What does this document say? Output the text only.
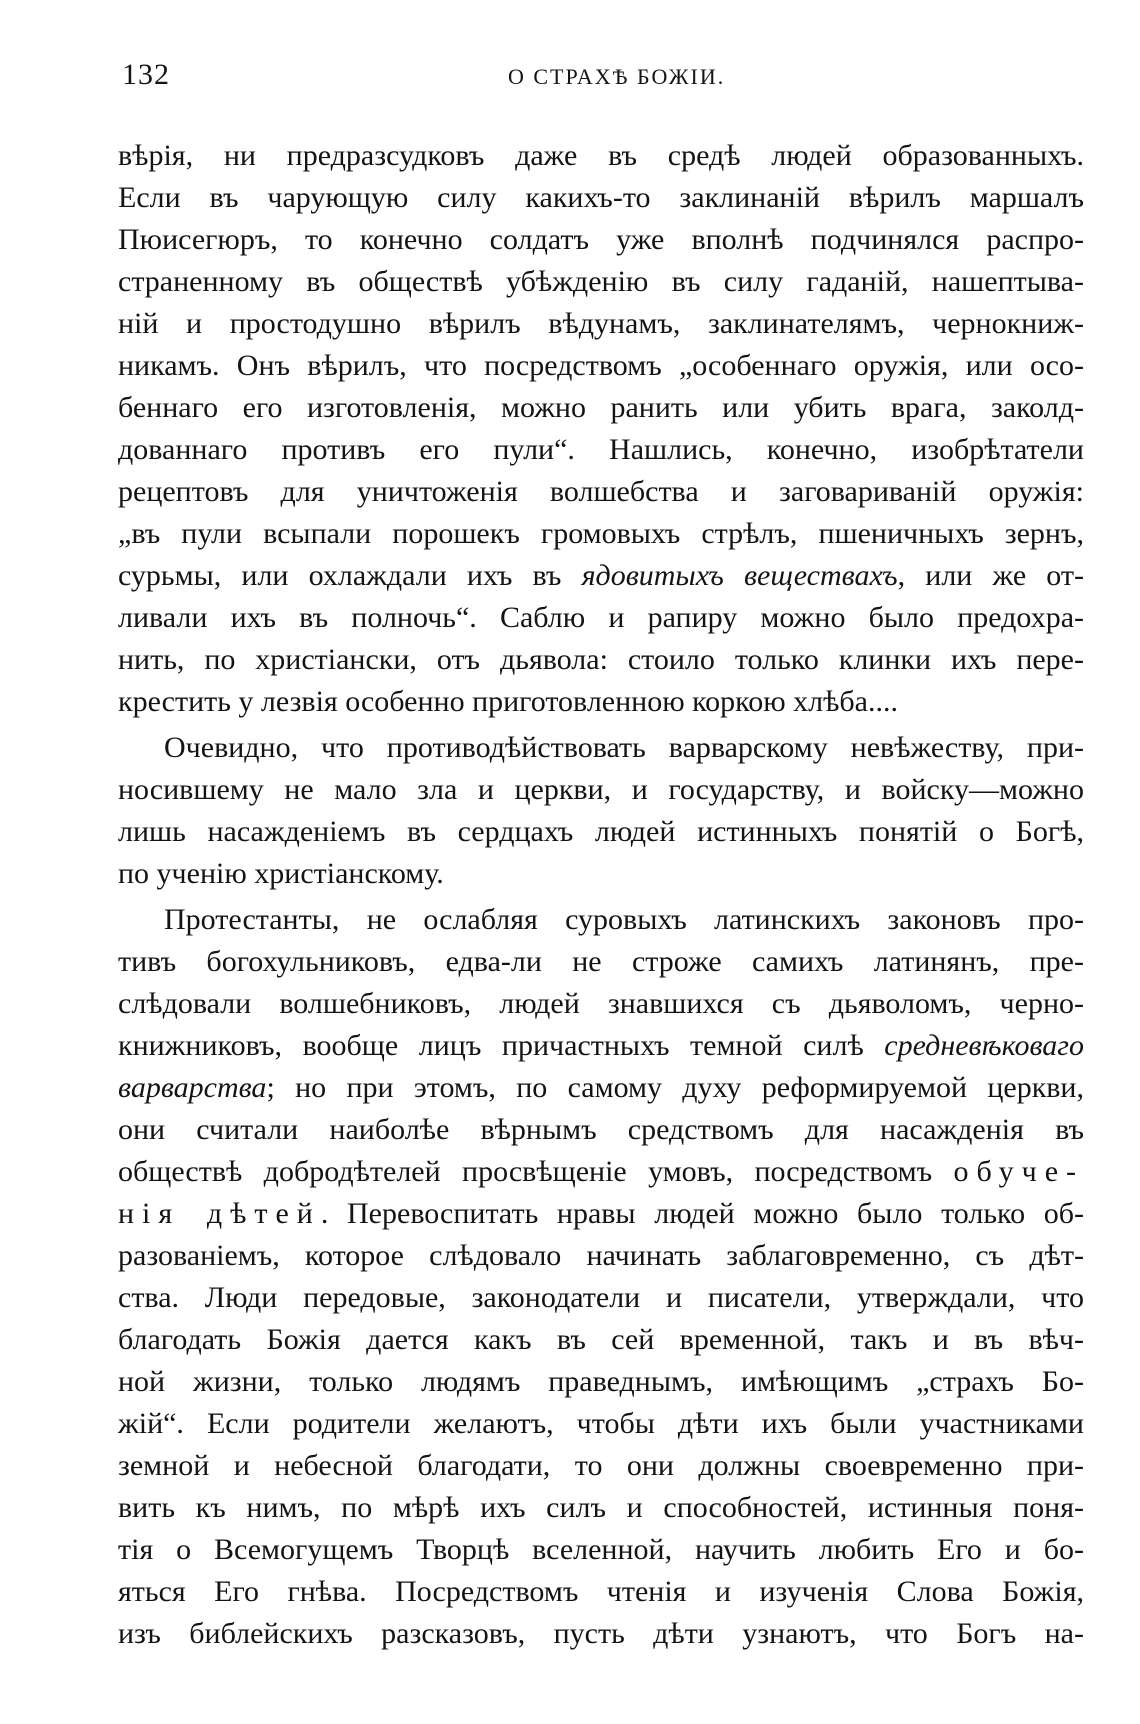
132	О СТРАХѢ БОЖІИ.
вѣрія, ни предразсудковъ даже въ средѣ людей образованныхъ.
Если въ чарующую силу какихъ-то заклинаній вѣрилъ маршалъ
Пюисегюръ, то конечно солдатъ уже вполнѣ подчинялся распро-
страненному въ обществѣ убѣжденію въ силу гаданій, нашептыва-
ній и простодушно вѣрилъ вѣдунамъ, заклинателямъ, чернокниж-
никамъ. Онъ вѣрилъ, что посредствомъ „особеннаго оружія, или осо-
беннаго его изготовленія, можно ранить или убить врага, заколд-
дованнаго противъ его пули“. Нашлись, конечно, изобрѣтатели
рецептовъ для уничтоженія волшебства и заговариваній оружія:
„въ пули всыпали порошекъ громовыхъ стрѣлъ, пшеничныхъ зернъ,
сурьмы, или охлаждали ихъ въ ядовитыхъ веществахъ, или же от-
ливали ихъ въ полночь“. Саблю и рапиру можно было предохра-
нить, по христіански, отъ дьявола: стоило только клинки ихъ пере-
крестить у лезвія особенно приготовленною коркою хлѣба....
Очевидно, что противодѣйствовать варварскому невѣжеству, при-
носившему не мало зла и церкви, и государству, и войску—можно
лишь насажденіемъ въ сердцахъ людей истинныхъ понятій о Богѣ,
по ученію христіанскому.
Протестанты, не ослабляя суровыхъ латинскихъ законовъ про-
тивъ богохульниковъ, едва-ли не строже самихъ латинянъ, пре-
слѣдовали волшебниковъ, людей знавшихся съ дьяволомъ, черно-
книжниковъ, вообще лицъ причастныхъ темной силѣ средневѣковаго
варварства; но при этомъ, по самому духу реформируемой церкви,
они считали наиболѣе вѣрнымъ средствомъ для насажденія въ
обществѣ добродѣтелей просвѣщеніе умовъ, посредствомъ обуче-
нія дѣтей. Перевоспитать нравы людей можно было только об-
разованіемъ, которое слѣдовало начинать заблаговременно, съ дѣт-
ства. Люди передовые, законодатели и писатели, утверждали, что
благодать Божія дается какъ въ сей временной, такъ и въ вѣч-
ной жизни, только людямъ праведнымъ, имѣющимъ „страхъ Бо-
жій“. Если родители желаютъ, чтобы дѣти ихъ были участниками
земной и небесной благодати, то они должны своевременно при-
вить къ нимъ, по мѣрѣ ихъ силъ и способностей, истинныя поня-
тія о Всемогущемъ Творцѣ вселенной, научить любить Его и бо-
яться Его гнѣва. Посредствомъ чтенія и изученія Слова Божія,
изъ библейскихъ разсказовъ, пусть дѣти узнаютъ, что Богъ на-
